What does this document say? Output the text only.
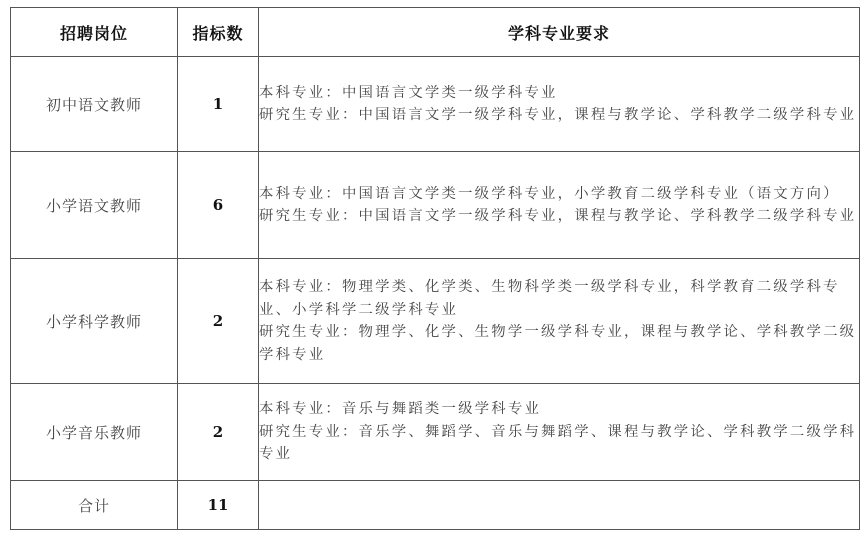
招聘岗位	指标数	学科专业要求
初中语文教师	1	本科专业：中国语言文学类一级学科专业
研究生专业：中国语言文学一级学科专业，课程与教学论、学科教学二级学科专业

小学语文教师	6	本科专业：中国语言文学类一级学科专业，小学教育二级学科专业（语文方向）
研究生专业：中国语言文学一级学科专业，课程与教学论、学科教学二级学科专业

小学科学教师	2	本科专业：物理学类、化学类、生物科学类一级学科专业，科学教育二级学科专业、小学科学二级学科专业
研究生专业：物理学、化学、生物学一级学科专业，课程与教学论、学科教学二级学科专业

小学音乐教师	2	本科专业：音乐与舞蹈类一级学科专业
研究生专业：音乐学、舞蹈学、音乐与舞蹈学、课程与教学论、学科教学二级学科专业

合计	11	
